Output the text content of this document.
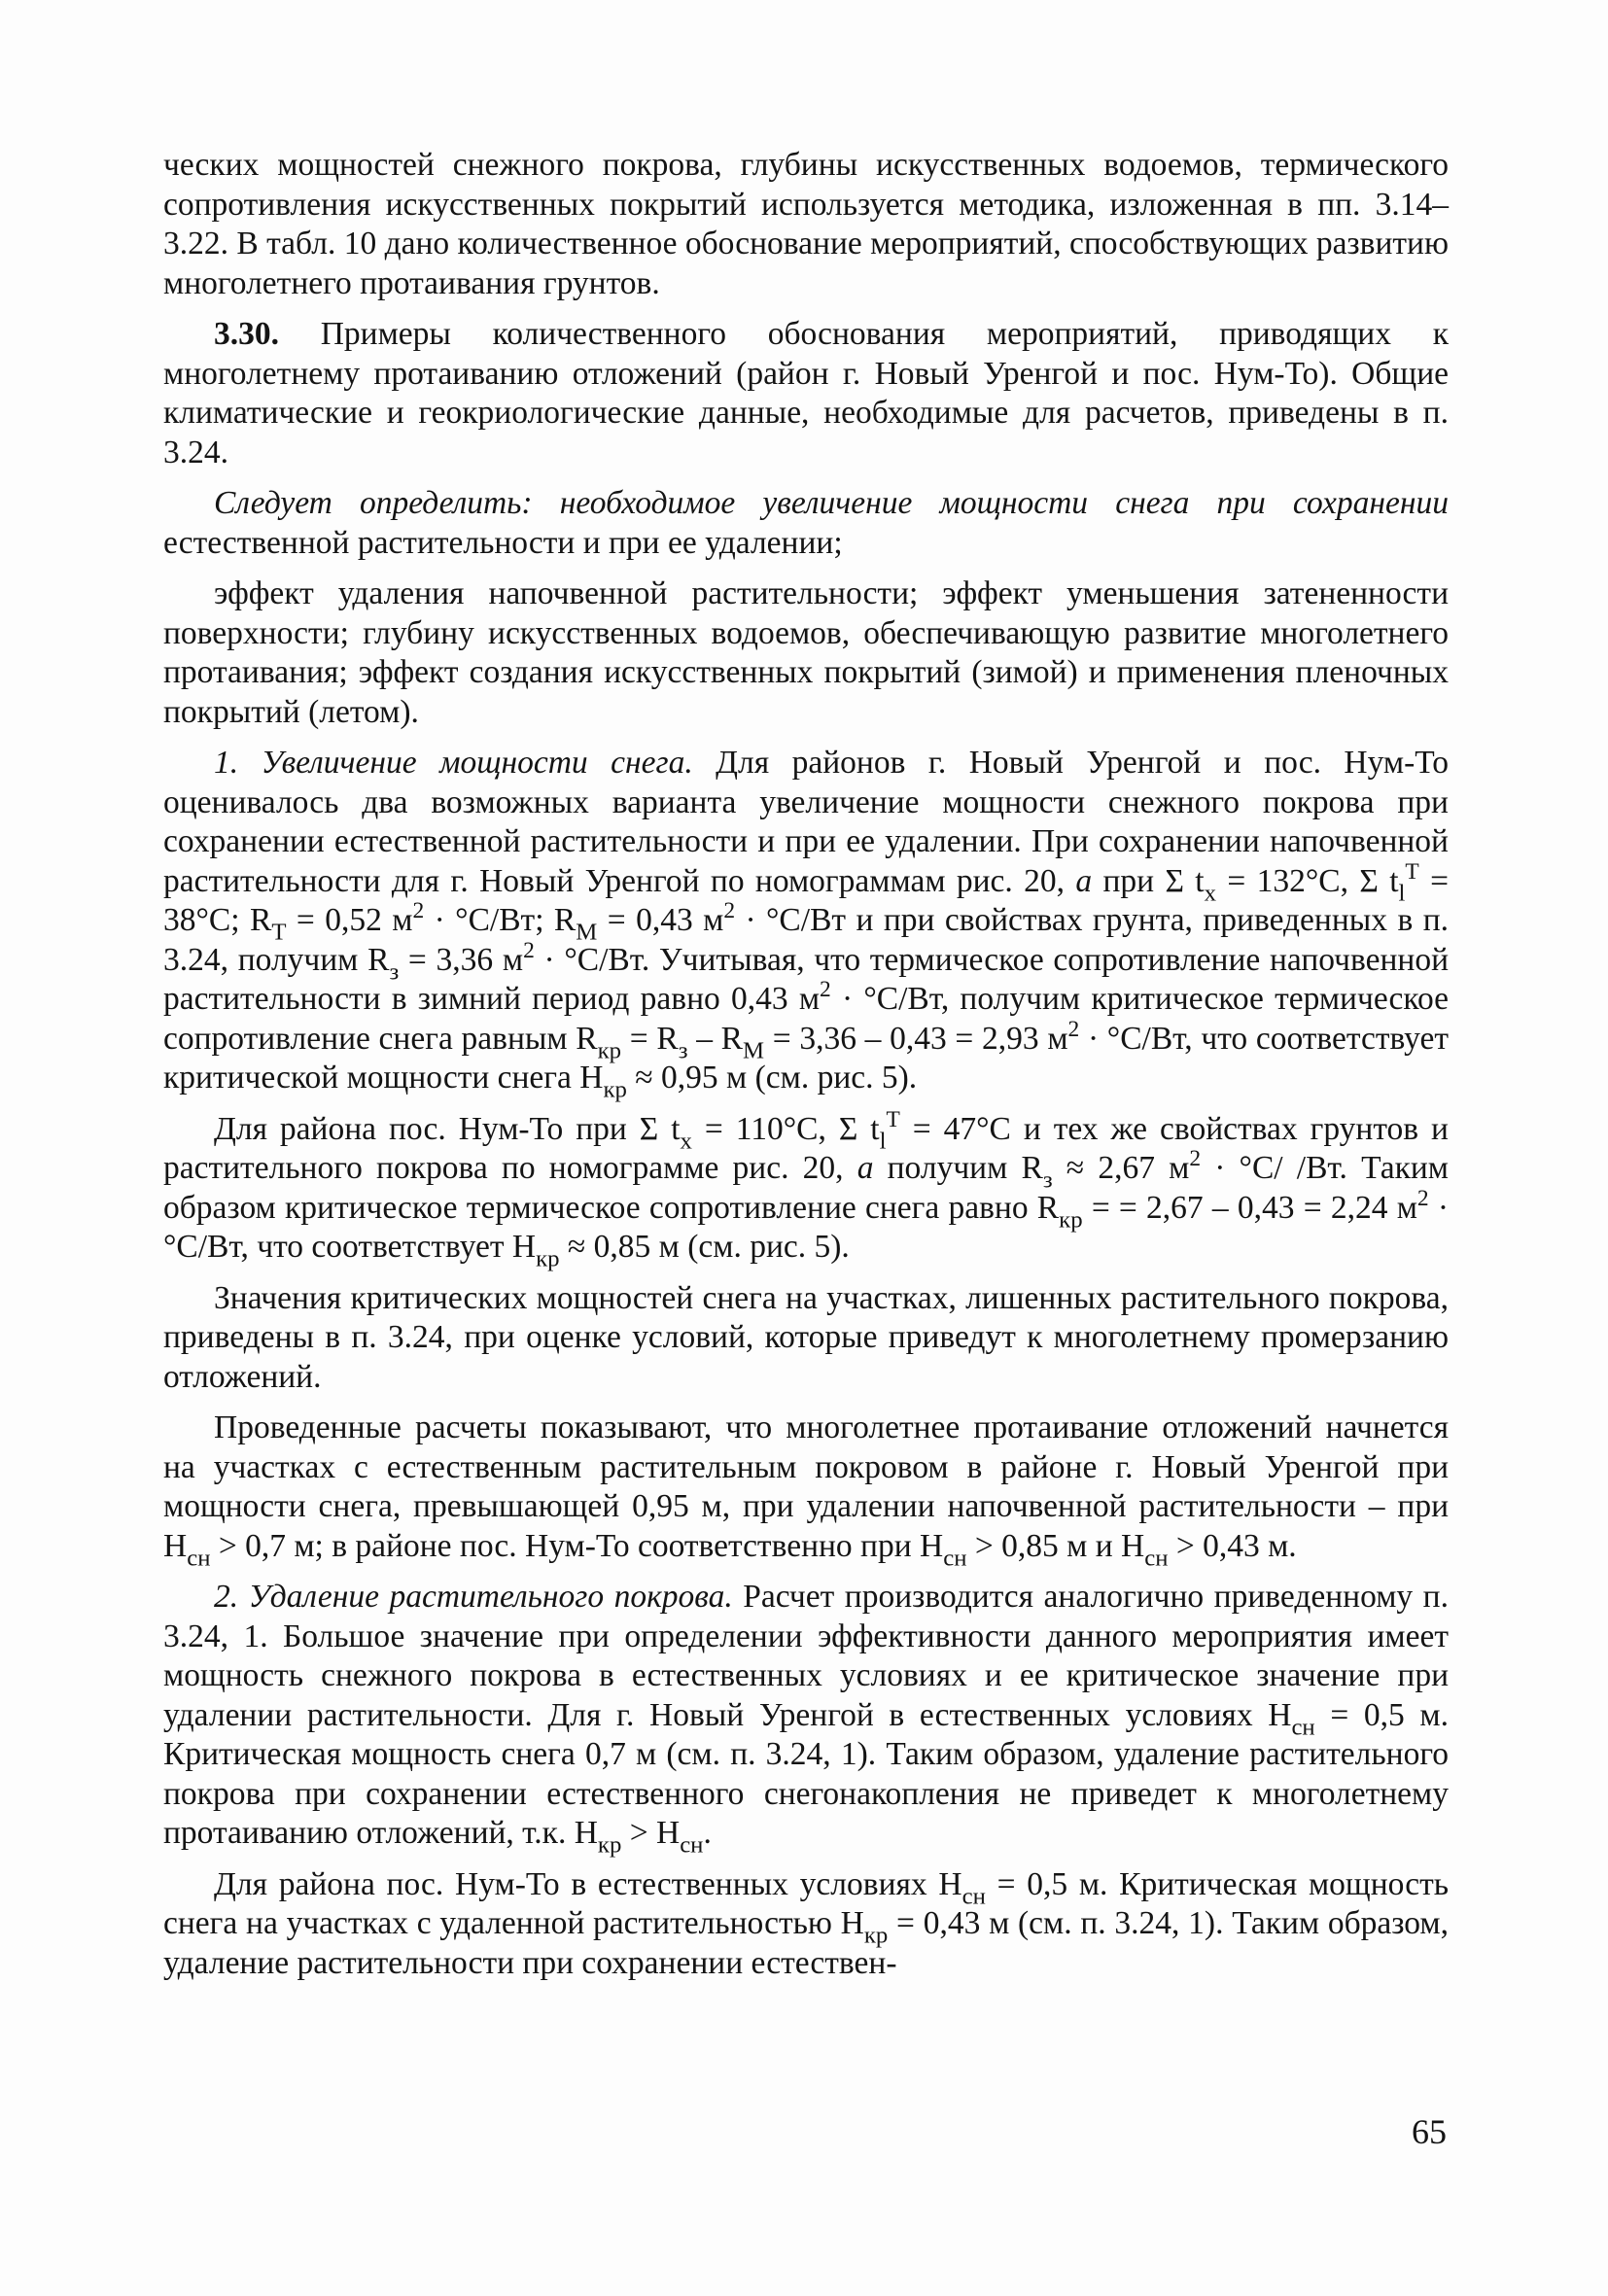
ческих мощностей снежного покрова, глубины искусственных водоемов, термического сопротивления искусственных покрытий используется методика, изложенная в пп. 3.14–3.22. В табл. 10 дано количественное обоснование мероприятий, способствующих развитию многолетнего протаивания грунтов.

3.30. Примеры количественного обоснования мероприятий, приводящих к многолетнему протаиванию отложений (район г. Новый Уренгой и пос. Нум-То). Общие климатические и геокриологические данные, необходимые для расчетов, приведены в п. 3.24.

Следует определить: необходимое увеличение мощности снега при сохранении естественной растительности и при ее удалении;

эффект удаления напочвенной растительности; эффект уменьшения затененности поверхности; глубину искусственных водоемов, обеспечивающую развитие многолетнего протаивания; эффект создания искусственных покрытий (зимой) и применения пленочных покрытий (летом).

1. Увеличение мощности снега. Для районов г. Новый Уренгой и пос. Нум-То оценивалось два возможных варианта увеличение мощности снежного покрова при сохранении естественной растительности и при ее удалении. При сохранении напочвенной растительности для г. Новый Уренгой по номограммам рис. 20, а при Σ $t_x = 132^\circ C$, Σ $t_l^Т = 38^\circ C$; $R_Т = 0,52$ $м^2 \cdot ^\circ С/Вт$; $R_М = 0,43$ $м^2 \cdot ^\circ С/Вт$ и при свойствах грунта, приведенных в п. 3.24, получим $R_з = 3,36$ $м^2 \cdot ^\circ С/Вт$. Учитывая, что термическое сопротивление напочвенной растительности в зимний период равно 0,43 $м^2 \cdot ^\circ С/Вт$, получим критическое термическое сопротивление снега равным $R_{кр} = R_з - R_М = 3,36 - 0,43 = 2,93$ $м^2 \cdot ^\circ С/Вт$, что соответствует критической мощности снега $H_{кр} \approx 0,95$ м (см. рис. 5).

Для района пос. Нум-То при Σ $t_x = 110^\circ C$, Σ $t_l^Т = 47^\circ C$ и тех же свойствах грунтов и растительного покрова по номограмме рис. 20, а получим $R_з \approx 2,67$ $м^2 \cdot ^\circ С/$ /Вт. Таким образом критическое термическое сопротивление снега равно $R_{кр}$ = = 2,67 – 0,43 = 2,24 $м^2 \cdot ^\circ С/Вт$, что соответствует $H_{кр} \approx 0,85$ м (см. рис. 5).

Значения критических мощностей снега на участках, лишенных растительного покрова, приведены в п. 3.24, при оценке условий, которые приведут к многолетнему промерзанию отложений.

Проведенные расчеты показывают, что многолетнее протаивание отложений начнется на участках с естественным растительным покровом в районе г. Новый Уренгой при мощности снега, превышающей 0,95 м, при удалении напочвенной растительности – при $H_{сн} > 0,7$ м; в районе пос. Нум-То соответственно при $H_{сн} > 0,85$ м и $H_{сн} > 0,43$ м.

2. Удаление растительного покрова. Расчет производится аналогично приведенному п. 3.24, 1. Большое значение при определении эффективности данного мероприятия имеет мощность снежного покрова в естественных условиях и ее критическое значение при удалении растительности. Для г. Новый Уренгой в естественных условиях $H_{сн} = 0,5$ м. Критическая мощность снега 0,7 м (см. п. 3.24, 1). Таким образом, удаление растительного покрова при сохранении естественного снегонакопления не приведет к многолетнему протаиванию отложений, т.к. $H_{кр} > H_{сн}$.

Для района пос. Нум-То в естественных условиях $H_{сн} = 0,5$ м. Критическая мощность снега на участках с удаленной растительностью $H_{кр} = 0,43$ м (см. п. 3.24, 1). Таким образом, удаление растительности при сохранении естествен-

65
